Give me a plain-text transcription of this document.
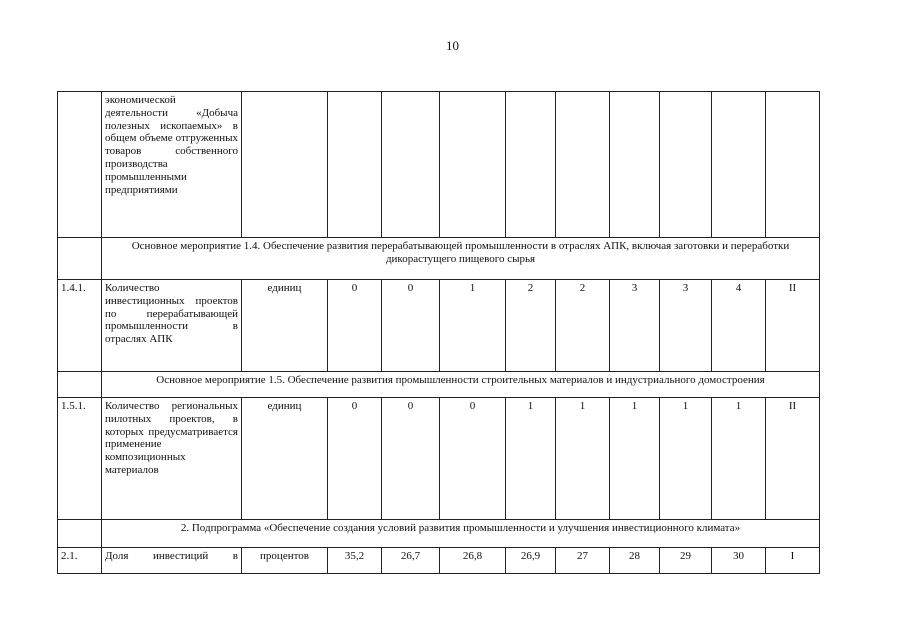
10
	экономической деятельности «Добыча полезных ископаемых» в общем объеме отгруженных товаров собственного производства промышленными предприятиями										
	Основное мероприятие 1.4. Обеспечение развития перерабатывающей промышленности в отраслях АПК, включая заготовки и переработки дикорастущего пищевого сырья										
1.4.1.	Количество инвестиционных проектов по перерабатывающей промышленности в отраслях АПК	единиц	0	0	1	2	2	3	3	4	II
	Основное мероприятие 1.5. Обеспечение развития промышленности строительных материалов и индустриального домостроения										
1.5.1.	Количество региональных пилотных проектов, в которых предусматривается применение композиционных материалов	единиц	0	0	0	1	1	1	1	1	II
	2. Подпрограмма «Обеспечение создания условий развития промышленности и улучшения инвестиционного климата»										
2.1.	Доля инвестиций в	процентов	35,2	26,7	26,8	26,9	27	28	29	30	I
